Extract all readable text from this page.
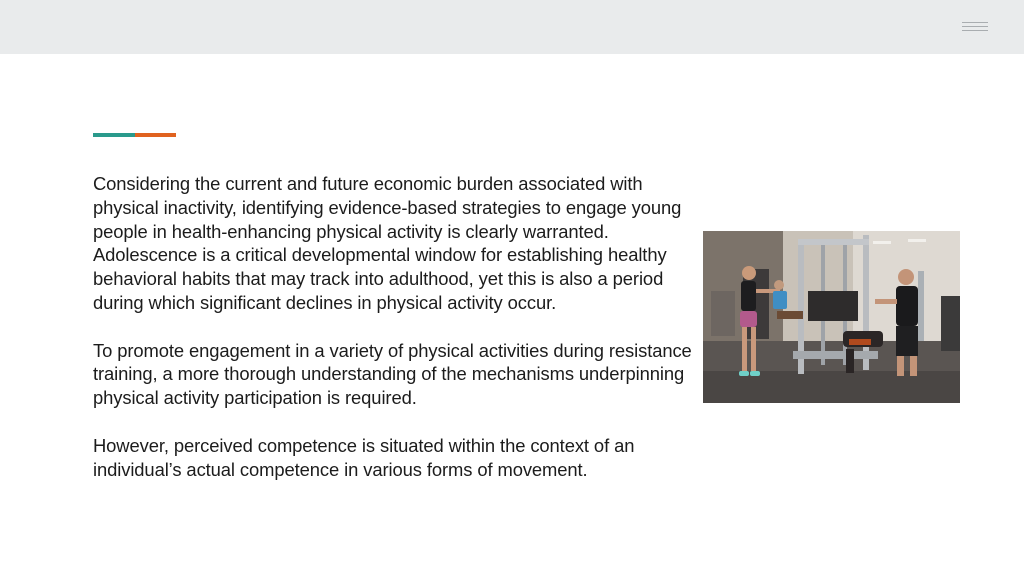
Considering the current and future economic burden associated with physical inactivity, identifying evidence-based strategies to engage young people in health-enhancing physical activity is clearly warranted. Adolescence is a critical developmental window for establishing healthy behavioral habits that may track into adulthood, yet this is also a period during which significant declines in physical activity occur.

To promote engagement in a variety of physical activities during resistance training, a more thorough understanding of the mechanisms underpinning physical activity participation is required.

However, perceived competence is situated within the context of an individual’s actual competence in various forms of movement.
